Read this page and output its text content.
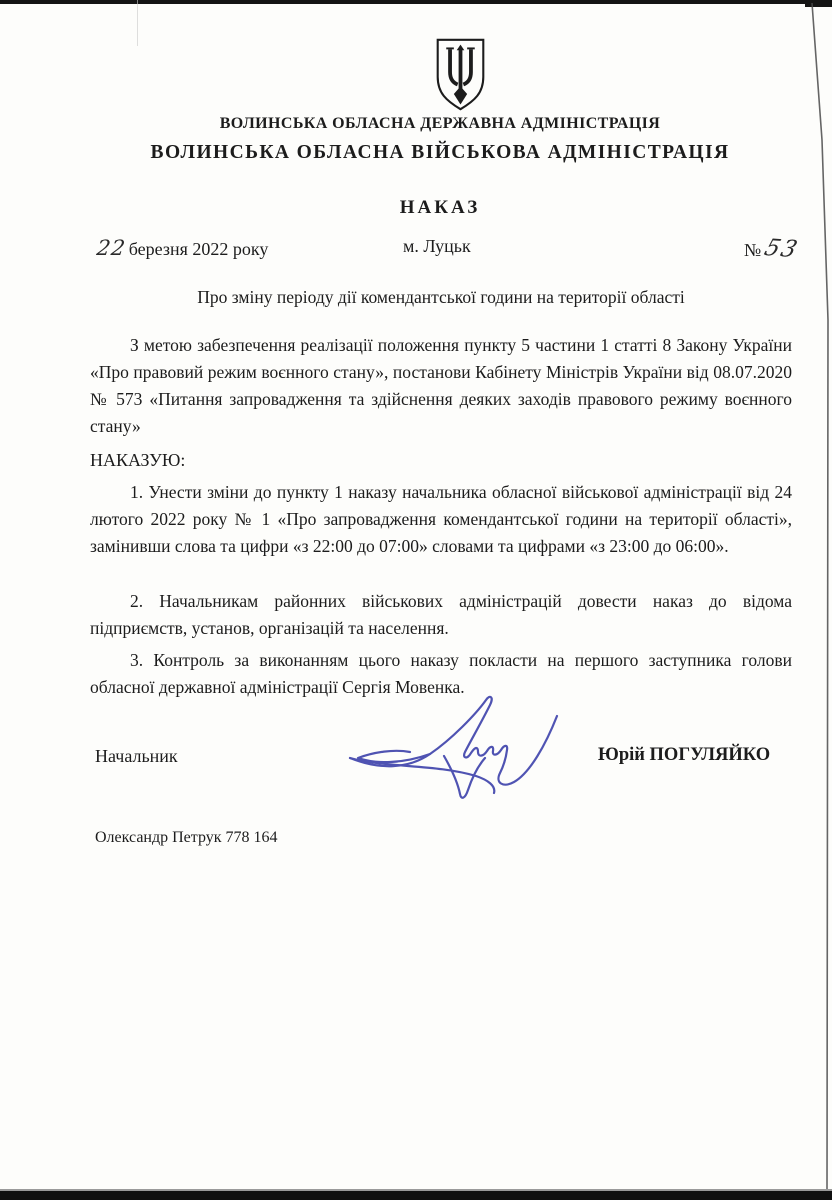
ВОЛИНСЬКА ОБЛАСНА ДЕРЖАВНА АДМІНІСТРАЦІЯ
ВОЛИНСЬКА ОБЛАСНА ВІЙСЬКОВА АДМІНІСТРАЦІЯ
НАКАЗ
22березня 2022 року	м. Луцьк	№53
Про зміну періоду дії комендантської години на території області

З метою забезпечення реалізації положення пункту 5 частини 1 статті 8 Закону України «Про правовий режим воєнного стану», постанови Кабінету Міністрів України від 08.07.2020 № 573 «Питання запровадження та здійснення деяких заходів правового режиму воєнного стану»

НАКАЗУЮ:

1. Унести зміни до пункту 1 наказу начальника обласної військової адміністрації від 24 лютого 2022 року № 1 «Про запровадження комендантської години на території області», замінивши слова та цифри «з 22:00 до 07:00» словами та цифрами «з 23:00 до 06:00».

2. Начальникам районних військових адміністрацій довести наказ до відома підприємств, установ, організацій та населення.

3. Контроль за виконанням цього наказу покласти на першого заступника голови обласної державної адміністрації Сергія Мовенка.

Начальник	Юрій ПОГУЛЯЙКО
Олександр Петрук 778 164
